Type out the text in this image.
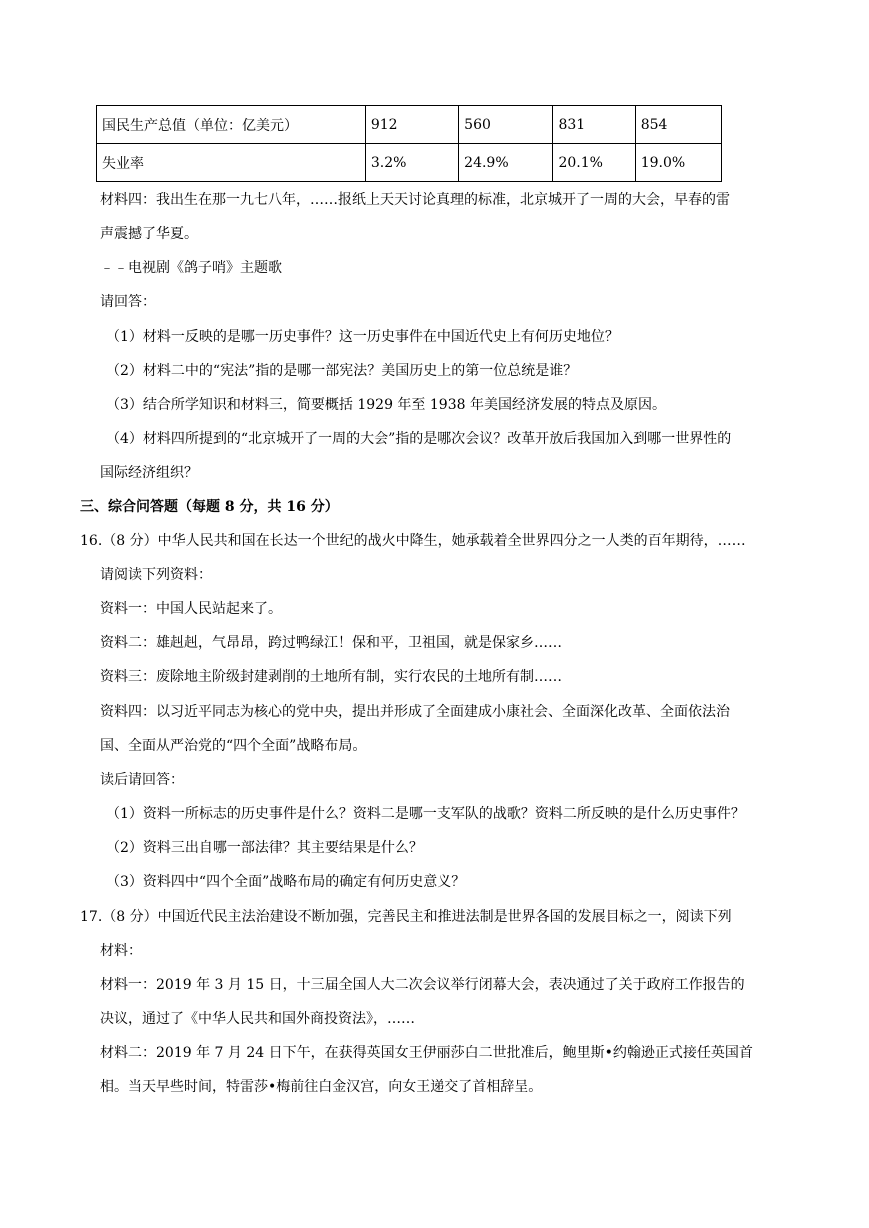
国民生产总值（单位：亿美元）	912	560	831	854
失业率	3.2%	24.9%	20.1%	19.0%
材料四：我出生在那一九七八年，……报纸上天天讨论真理的标准，北京城开了一周的大会，早春的雷
声震撼了华夏。
﹣﹣电视剧《鸽子哨》主题歌
请回答：
（1）材料一反映的是哪一历史事件？这一历史事件在中国近代史上有何历史地位？
（2）材料二中的“宪法”指的是哪一部宪法？美国历史上的第一位总统是谁？
（3）结合所学知识和材料三，简要概括 1929 年至 1938 年美国经济发展的特点及原因。
（4）材料四所提到的“北京城开了一周的大会”指的是哪次会议？改革开放后我国加入到哪一世界性的
国际经济组织？
三、综合问答题（每题 8 分，共 16 分）
16.（8 分）中华人民共和国在长达一个世纪的战火中降生，她承载着全世界四分之一人类的百年期待，……
请阅读下列资料：
资料一：中国人民站起来了。
资料二：雄赳赳，气昂昂，跨过鸭绿江！保和平，卫祖国，就是保家乡……
资料三：废除地主阶级封建剥削的土地所有制，实行农民的土地所有制……
资料四：以习近平同志为核心的党中央，提出并形成了全面建成小康社会、全面深化改革、全面依法治
国、全面从严治党的“四个全面”战略布局。
读后请回答：
（1）资料一所标志的历史事件是什么？资料二是哪一支军队的战歌？资料二所反映的是什么历史事件？
（2）资料三出自哪一部法律？其主要结果是什么？
（3）资料四中“四个全面”战略布局的确定有何历史意义？
17.（8 分）中国近代民主法治建设不断加强，完善民主和推进法制是世界各国的发展目标之一，阅读下列
材料：
材料一：2019 年 3 月 15 日，十三届全国人大二次会议举行闭幕大会，表决通过了关于政府工作报告的
决议，通过了《中华人民共和国外商投资法》，……
材料二：2019 年 7 月 24 日下午，在获得英国女王伊丽莎白二世批准后，鲍里斯•约翰逊正式接任英国首
相。当天早些时间，特雷莎•梅前往白金汉宫，向女王递交了首相辞呈。
